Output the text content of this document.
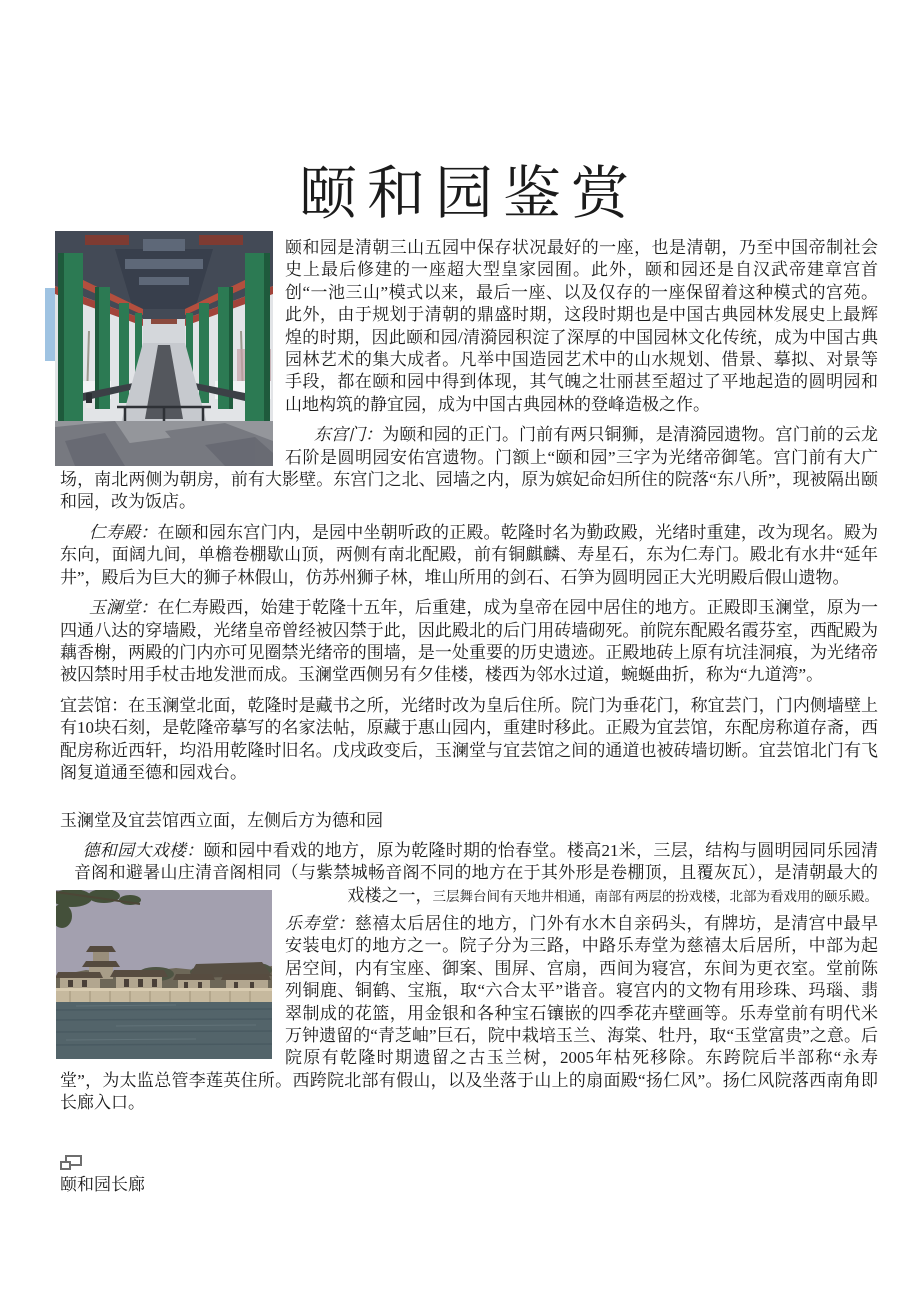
颐和园鉴赏

颐和园是清朝三山五园中保存状况最好的一座，也是清朝，乃至中国帝制社会史上最后修建的一座超大型皇家园囿。此外，颐和园还是自汉武帝建章宫首创“一池三山”模式以来，最后一座、以及仅存的一座保留着这种模式的宫苑。此外，由于规划于清朝的鼎盛时期，这段时期也是中国古典园林发展史上最辉煌的时期，因此颐和园/清漪园积淀了深厚的中国园林文化传统，成为中国古典园林艺术的集大成者。凡举中国造园艺术中的山水规划、借景、摹拟、对景等手段，都在颐和园中得到体现，其气魄之壮丽甚至超过了平地起造的圆明园和山地构筑的静宜园，成为中国古典园林的登峰造极之作。

东宫门：为颐和园的正门。门前有两只铜狮，是清漪园遗物。宫门前的云龙石阶是圆明园安佑宫遗物。门额上“颐和园”三字为光绪帝御笔。宫门前有大广场，南北两侧为朝房，前有大影壁。东宫门之北、园墙之内，原为嫔妃命妇所住的院落“东八所”，现被隔出颐和园，改为饭店。

仁寿殿：在颐和园东宫门内，是园中坐朝听政的正殿。乾隆时名为勤政殿，光绪时重建，改为现名。殿为东向，面阔九间，单檐卷棚歇山顶，两侧有南北配殿，前有铜麒麟、寿星石，东为仁寿门。殿北有水井“延年井”，殿后为巨大的狮子林假山，仿苏州狮子林，堆山所用的剑石、石笋为圆明园正大光明殿后假山遗物。

玉澜堂：在仁寿殿西，始建于乾隆十五年，后重建，成为皇帝在园中居住的地方。正殿即玉澜堂，原为一四通八达的穿墙殿，光绪皇帝曾经被囚禁于此，因此殿北的后门用砖墙砌死。前院东配殿名霞芬室，西配殿为藕香榭，两殿的门内亦可见圈禁光绪帝的围墙，是一处重要的历史遗迹。正殿地砖上原有坑洼洞痕，为光绪帝被囚禁时用手杖击地发泄而成。玉澜堂西侧另有夕佳楼，楼西为邻水过道，蜿蜒曲折，称为“九道湾”。

宜芸馆：在玉澜堂北面，乾隆时是藏书之所，光绪时改为皇后住所。院门为垂花门，称宜芸门，门内侧墙壁上有10块石刻，是乾隆帝摹写的名家法帖，原藏于惠山园内，重建时移此。正殿为宜芸馆，东配房称道存斋，西配房称近西轩，均沿用乾隆时旧名。戊戌政变后，玉澜堂与宜芸馆之间的通道也被砖墙切断。宜芸馆北门有飞阁复道通至德和园戏台。

玉澜堂及宜芸馆西立面，左侧后方为德和园

德和园大戏楼：颐和园中看戏的地方，原为乾隆时期的怡春堂。楼高21米，三层，结构与圆明园同乐园清音阁和避暑山庄清音阁相同（与紫禁城畅音阁不同的地方在于其外形是卷棚顶，且覆灰瓦），是清朝最大的戏楼之一，三层舞台间有天地井相通，南部有两层的扮戏楼，北部为看戏用的颐乐殿。

乐寿堂：慈禧太后居住的地方，门外有水木自亲码头，有牌坊，是清宫中最早安装电灯的地方之一。院子分为三路，中路乐寿堂为慈禧太后居所，中部为起居空间，内有宝座、御案、围屏、宫扇，西间为寝宫，东间为更衣室。堂前陈列铜鹿、铜鹤、宝瓶，取“六合太平”谐音。寝宫内的文物有用珍珠、玛瑙、翡翠制成的花篮，用金银和各种宝石镶嵌的四季花卉壁画等。乐寿堂前有明代米万钟遗留的“青芝岫”巨石，院中栽培玉兰、海棠、牡丹，取“玉堂富贵”之意。后院原有乾隆时期遗留之古玉兰树，2005年枯死移除。东跨院后半部称“永寿堂”，为太监总管李莲英住所。西跨院北部有假山，以及坐落于山上的扇面殿“扬仁风”。扬仁风院落西南角即长廊入口。

颐和园长廊
